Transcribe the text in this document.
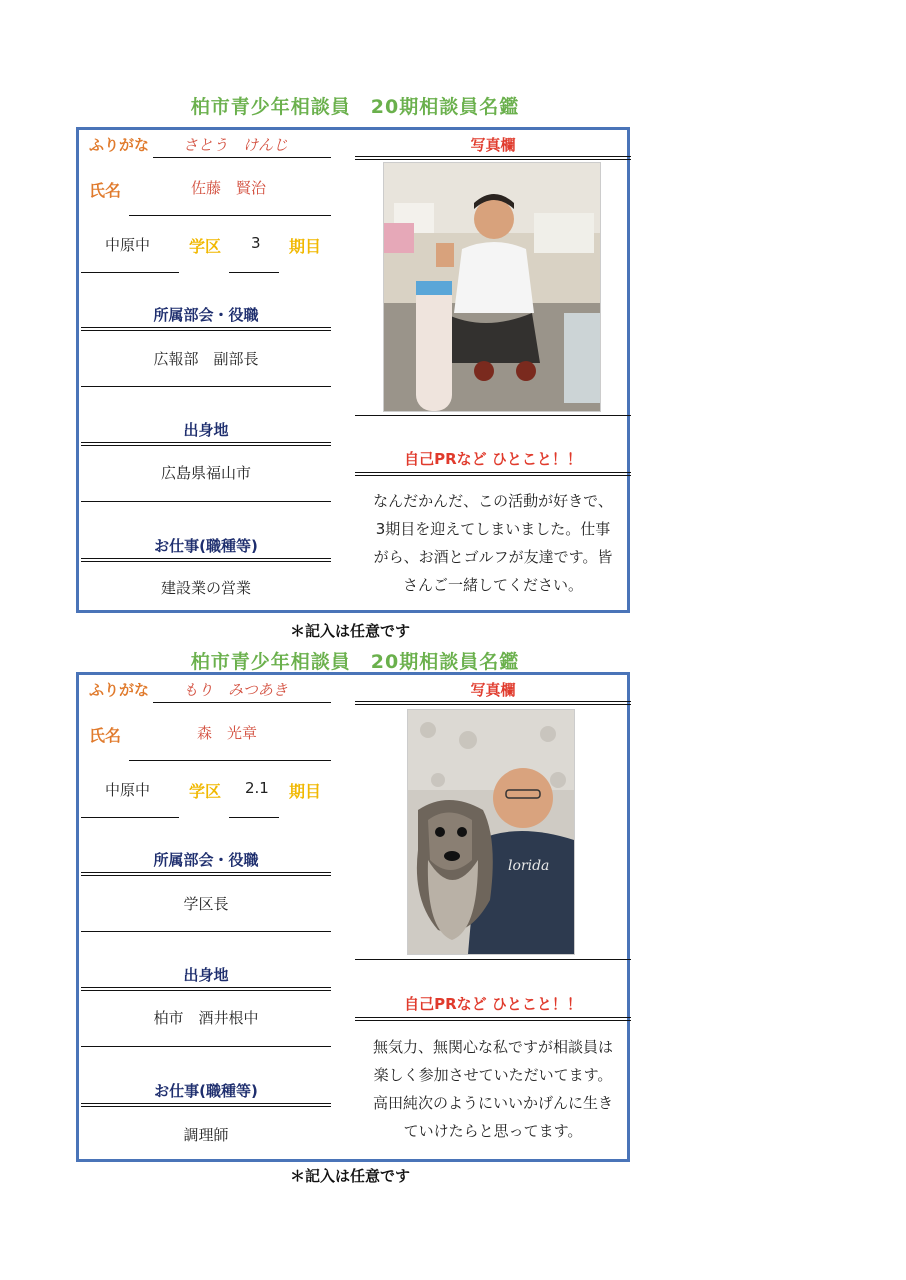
柏市青少年相談員　20期相談員名鑑
ふりがな さとう　けんじ
氏名	佐藤　賢治
中原中 学区 3 期目
所属部会・役職
広報部　副部長
出身地
広島県福山市
お仕事(職種等)
建設業の営業
写真欄
自己PRなど ひとこと！！
なんだかんだ、この活動が好きで、
3期目を迎えてしまいました。仕事
がら、お酒とゴルフが友達です。皆
さんご一緒してください。
＊記入は任意です
柏市青少年相談員　20期相談員名鑑
ふりがな もり　みつあき
氏名	森　光章
中原中 学区 2.1 期目
所属部会・役職
学区長
出身地
柏市　酒井根中
お仕事(職種等)
調理師
写真欄
lorida
自己PRなど ひとこと！！
無気力、無関心な私ですが相談員は
楽しく参加させていただいてます。
高田純次のようにいいかげんに生き
ていけたらと思ってます。
＊記入は任意です
